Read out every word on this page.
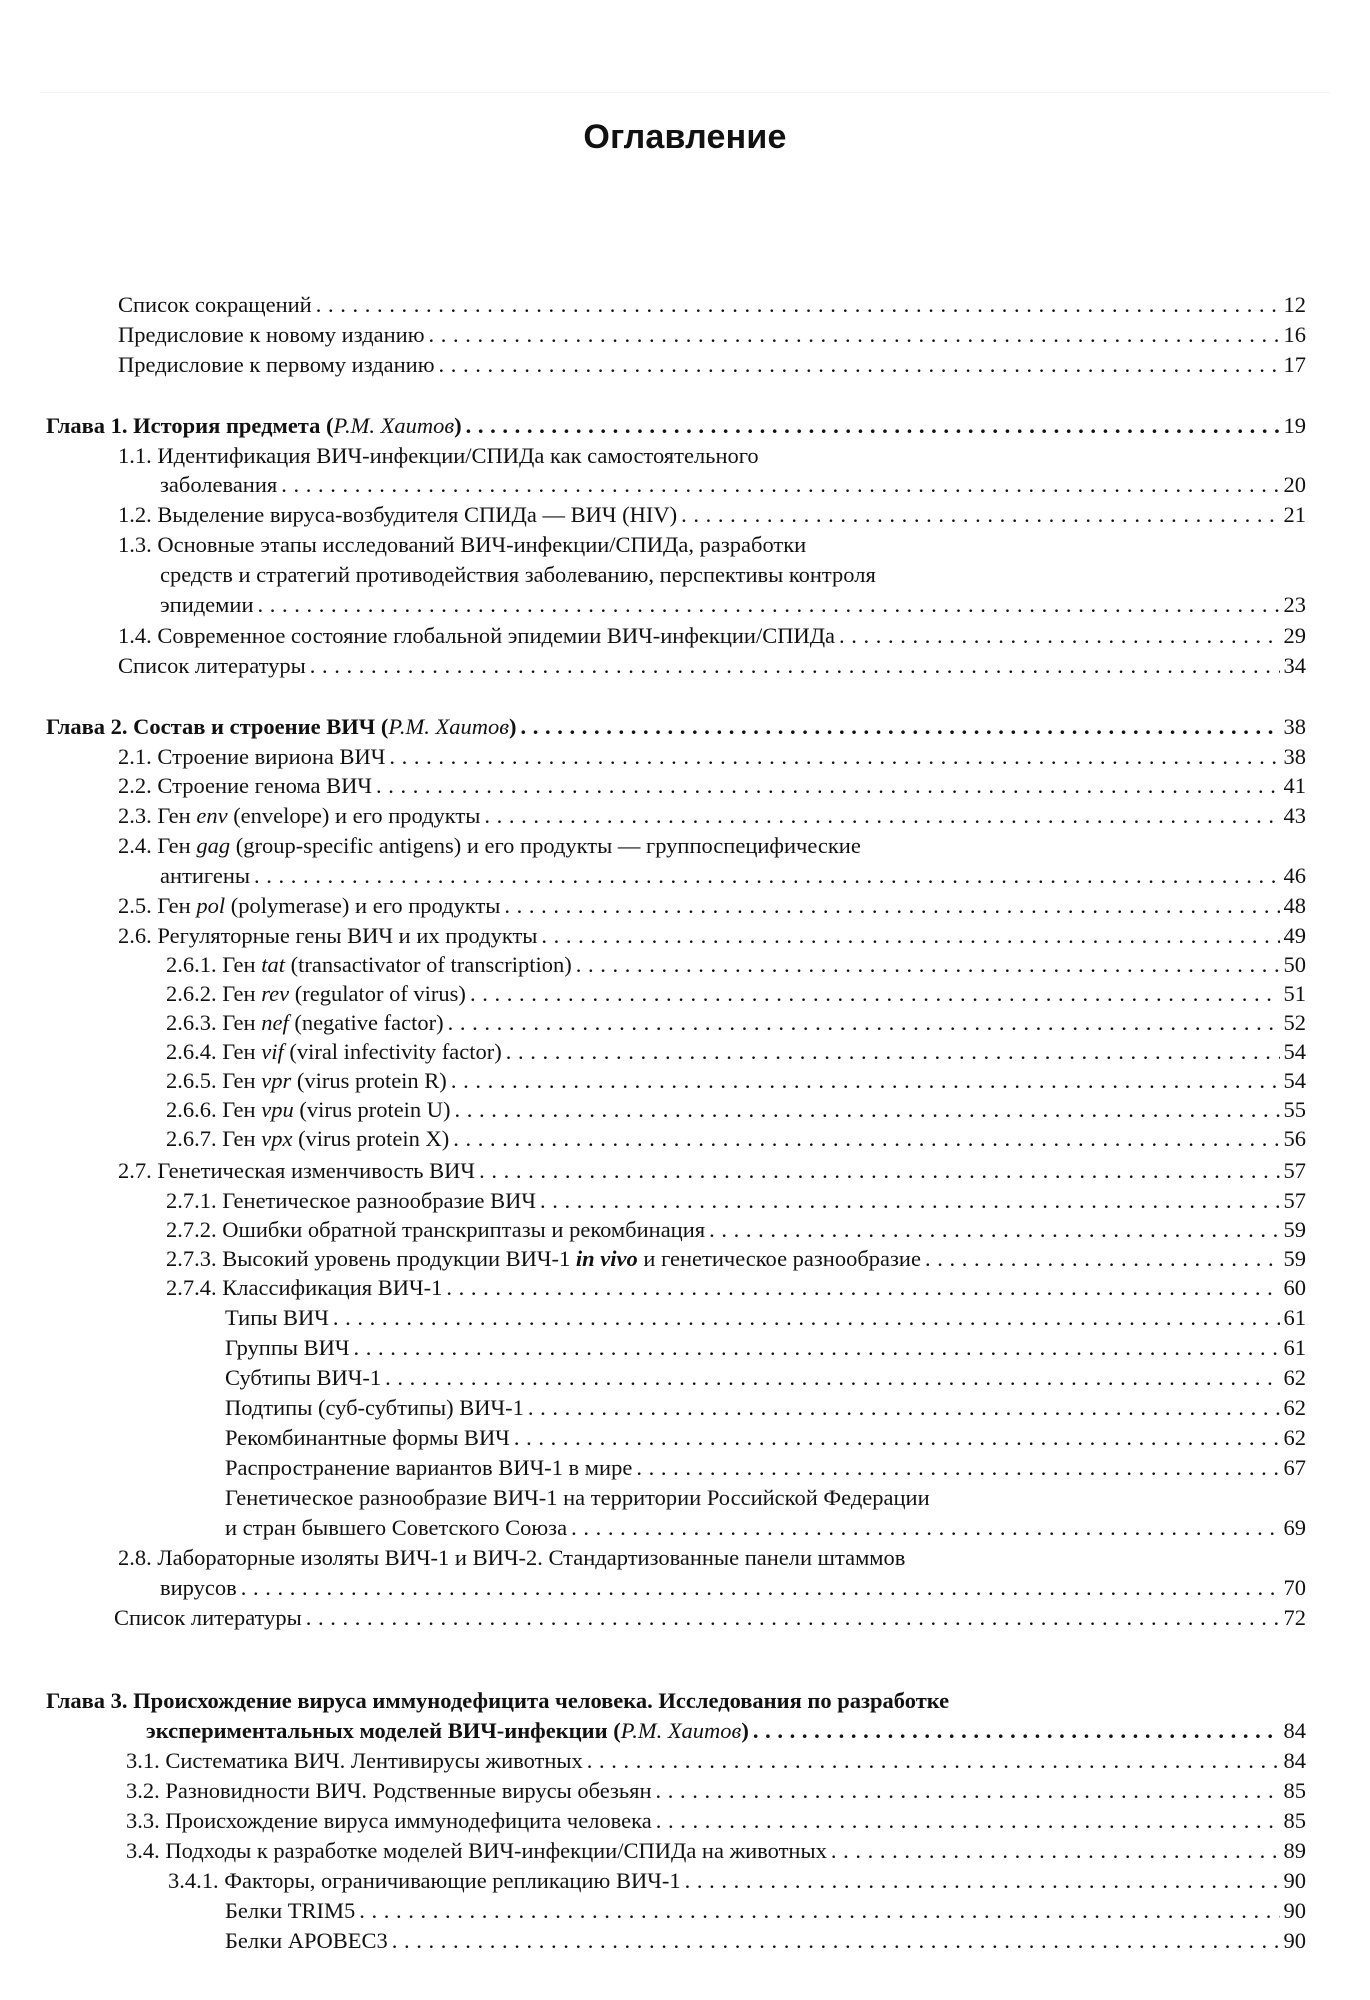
Оглавление
Список сокращений . . .	12
Предисловие к новому изданию . . .	16
Предисловие к первому изданию . . .	17
Глава 1. История предмета (Р.М. Хаитов) . . .	19
1.1. Идентификация ВИЧ-инфекции/СПИДа как самостоятельного
заболевания . . .	20
1.2. Выделение вируса-возбудителя СПИДа — ВИЧ (HIV) . . .	21
1.3. Основные этапы исследований ВИЧ-инфекции/СПИДа, разработки
средств и стратегий противодействия заболеванию, перспективы контроля
эпидемии . . .	23
1.4. Современное состояние глобальной эпидемии ВИЧ-инфекции/СПИДа . . .	29
Список литературы . . .	34
Глава 2. Состав и строение ВИЧ (Р.М. Хаитов) . . .	38
2.1. Строение вириона ВИЧ . . .	38
2.2. Строение генома ВИЧ . . .	41
2.3. Ген env (envelope) и его продукты . . .	43
2.4. Ген gag (group-specific antigens) и его продукты — группоспецифические
антигены . . .	46
2.5. Ген pol (polymerase) и его продукты . . .	48
2.6. Регуляторные гены ВИЧ и их продукты . . .	49
2.6.1. Ген tat (transactivator of transcription) . . .	50
2.6.2. Ген rev (regulator of virus) . . .	51
2.6.3. Ген nef (negative factor) . . .	52
2.6.4. Ген vif (viral infectivity factor) . . .	54
2.6.5. Ген vpr (virus protein R) . . .	54
2.6.6. Ген vpu (virus protein U) . . .	55
2.6.7. Ген vpx (virus protein X) . . .	56
2.7. Генетическая изменчивость ВИЧ . . .	57
2.7.1. Генетическое разнообразие ВИЧ . . .	57
2.7.2. Ошибки обратной транскриптазы и рекомбинация . . .	59
2.7.3. Высокий уровень продукции ВИЧ-1 in vivo и генетическое разнообразие . . .	59
2.7.4. Классификация ВИЧ-1 . . .	60
Типы ВИЧ . . .	61
Группы ВИЧ . . .	61
Субтипы ВИЧ-1 . . .	62
Подтипы (суб-субтипы) ВИЧ-1 . . .	62
Рекомбинантные формы ВИЧ . . .	62
Распространение вариантов ВИЧ-1 в мире . . .	67
Генетическое разнообразие ВИЧ-1 на территории Российской Федерации
и стран бывшего Советского Союза . . .	69
2.8. Лабораторные изоляты ВИЧ-1 и ВИЧ-2. Стандартизованные панели штаммов
вирусов . . .	70
Список литературы . . .	72
Глава 3. Происхождение вируса иммунодефицита человека. Исследования по разработке
экспериментальных моделей ВИЧ-инфекции (Р.М. Хаитов) . . .	84
3.1. Систематика ВИЧ. Лентивирусы животных . . .	84
3.2. Разновидности ВИЧ. Родственные вирусы обезьян . . .	85
3.3. Происхождение вируса иммунодефицита человека . . .	85
3.4. Подходы к разработке моделей ВИЧ-инфекции/СПИДа на животных . . .	89
3.4.1. Факторы, ограничивающие репликацию ВИЧ-1 . . .	90
Белки TRIM5 . . .	90
Белки APOBEC3 . . .	90
